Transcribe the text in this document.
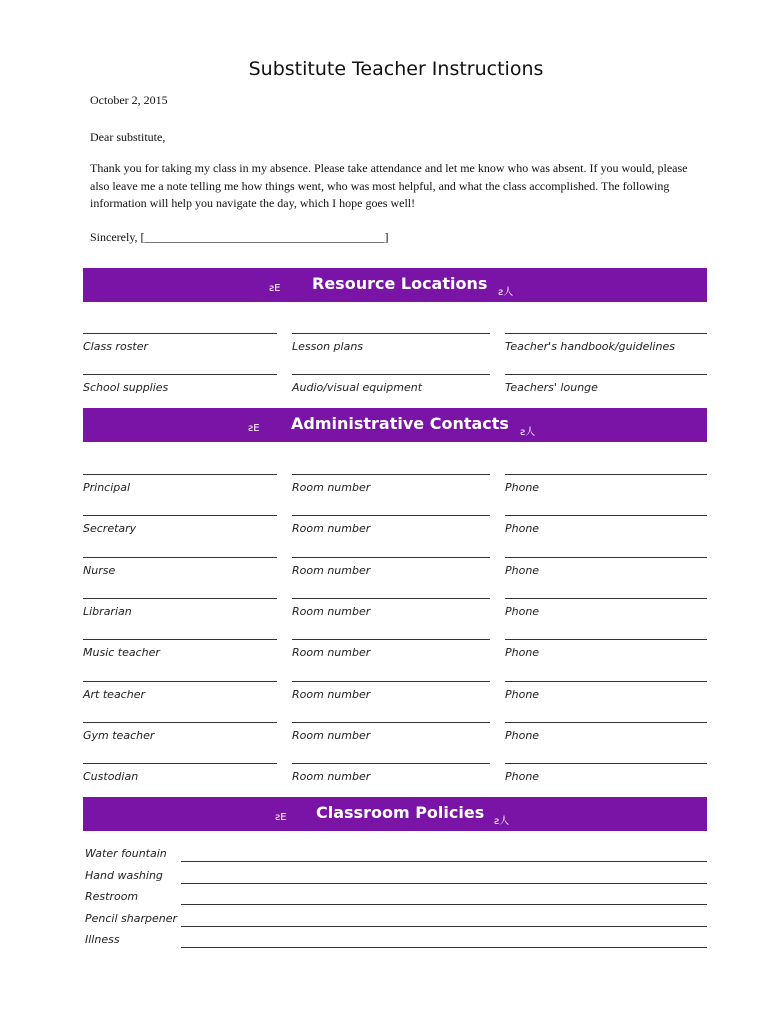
Substitute Teacher Instructions
October 2, 2015
Dear substitute,
Thank you for taking my class in my absence. Please take attendance and let me know who was absent. If you would, please also leave me a note telling me how things went, who was most helpful, and what the class accomplished. The following information will help you navigate the day, which I hope goes well!
Sincerely, [________________________________________]
ƨE Resource Locations ƨ人
Class roster	Lesson plans	Teacher's handbook/guidelines
School supplies	Audio/visual equipment	Teachers' lounge
ƨE Administrative Contacts ƨ人
Principal	Room number	Phone
Secretary	Room number	Phone
Nurse	Room number	Phone
Librarian	Room number	Phone
Music teacher	Room number	Phone
Art teacher	Room number	Phone
Gym teacher	Room number	Phone
Custodian	Room number	Phone
ƨE Classroom Policies ƨ人
Water fountain
Hand washing
Restroom
Pencil sharpener
Illness
